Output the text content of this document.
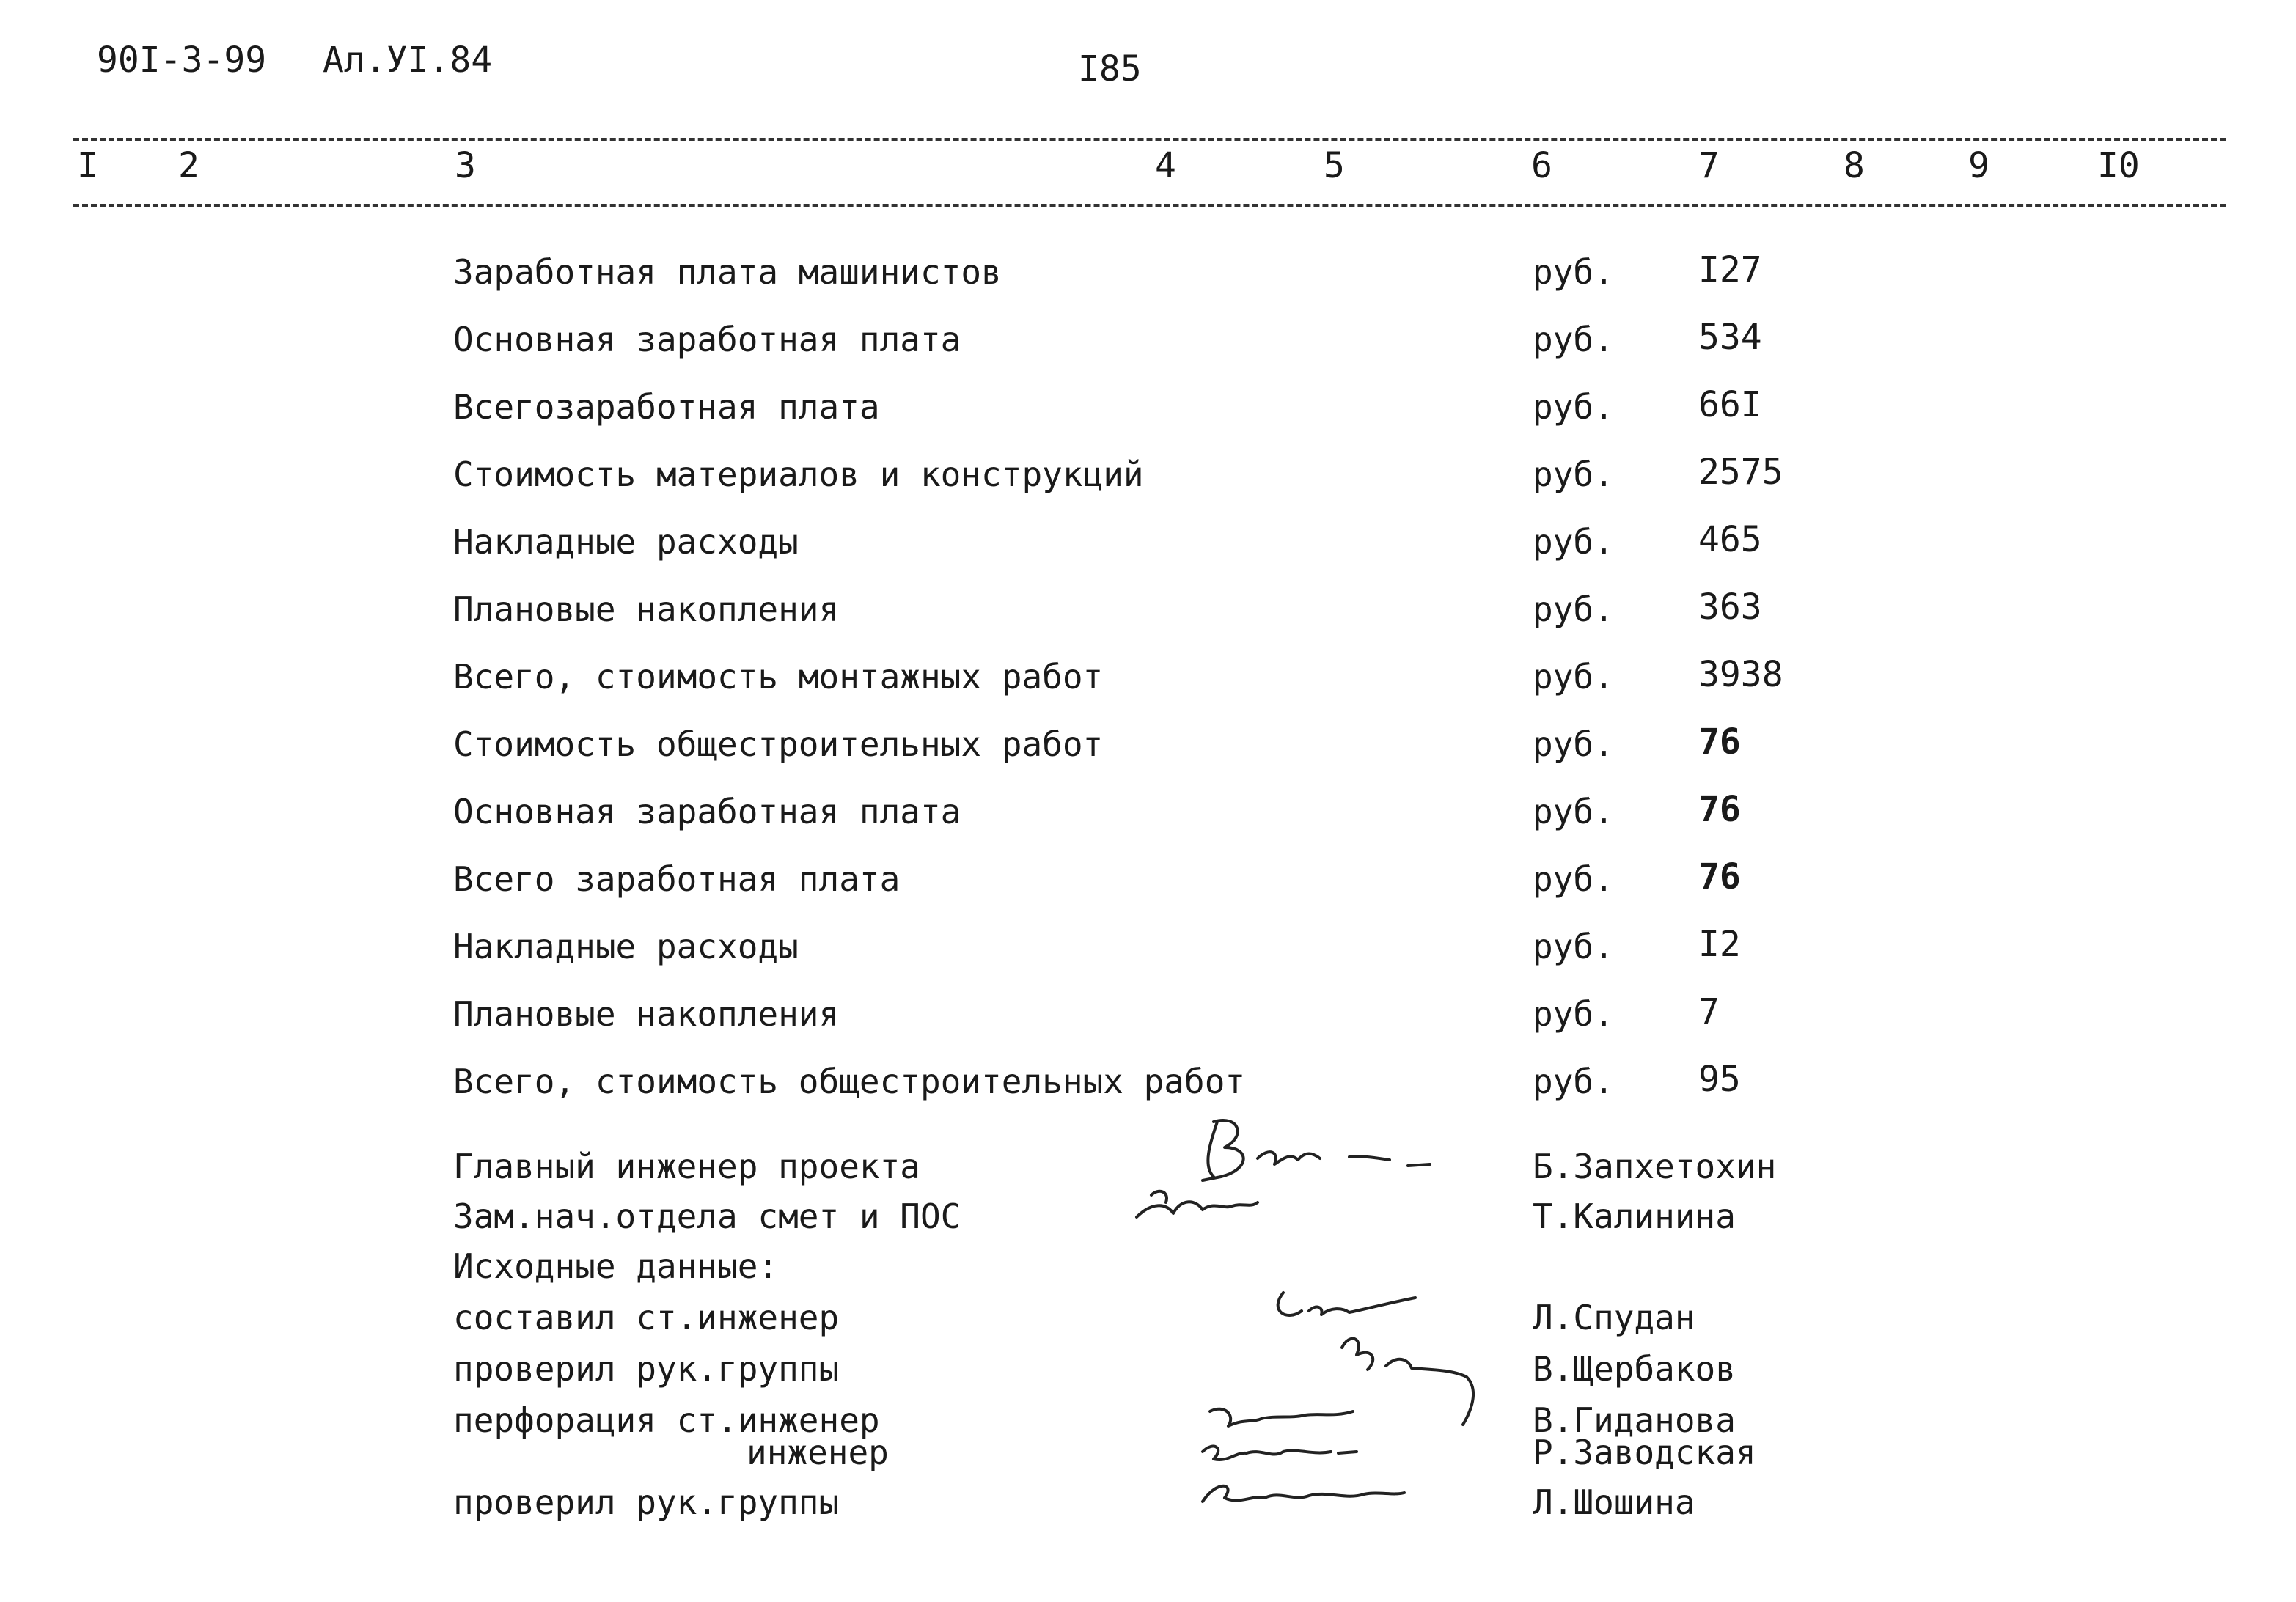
90I-3-99 Ал.УI.84	I85
I 2	3	4	5	6	7	8	9	I0
Заработная плата машинистов	руб. I27
Основная заработная плата	руб. 534
Всегозаработная плата	руб. 66I
Стоимость материалов и конструкций	руб. 2575
Накладные расходы	руб. 465
Плановые накопления	руб. 363
Всего, стоимость монтажных работ	руб. 3938
Стоимость общестроительных работ	руб. 76
Основная заработная плата	руб. 76
Всего заработная плата	руб. 76
Накладные расходы	руб. I2
Плановые накопления	руб. 7
Всего, стоимость общестроительных работ	руб. 95
Главный инженер проекта	Б.Запхетохин
Зам.нач.отдела смет и ПОС	Т.Калинина
Исходные данные:
составил ст.инженер	Л.Спудан
проверил рук.группы	В.Щербаков
перфорация ст.инженер	В.Гиданова
инженер	Р.Заводская
проверил рук.группы	Л.Шошина
